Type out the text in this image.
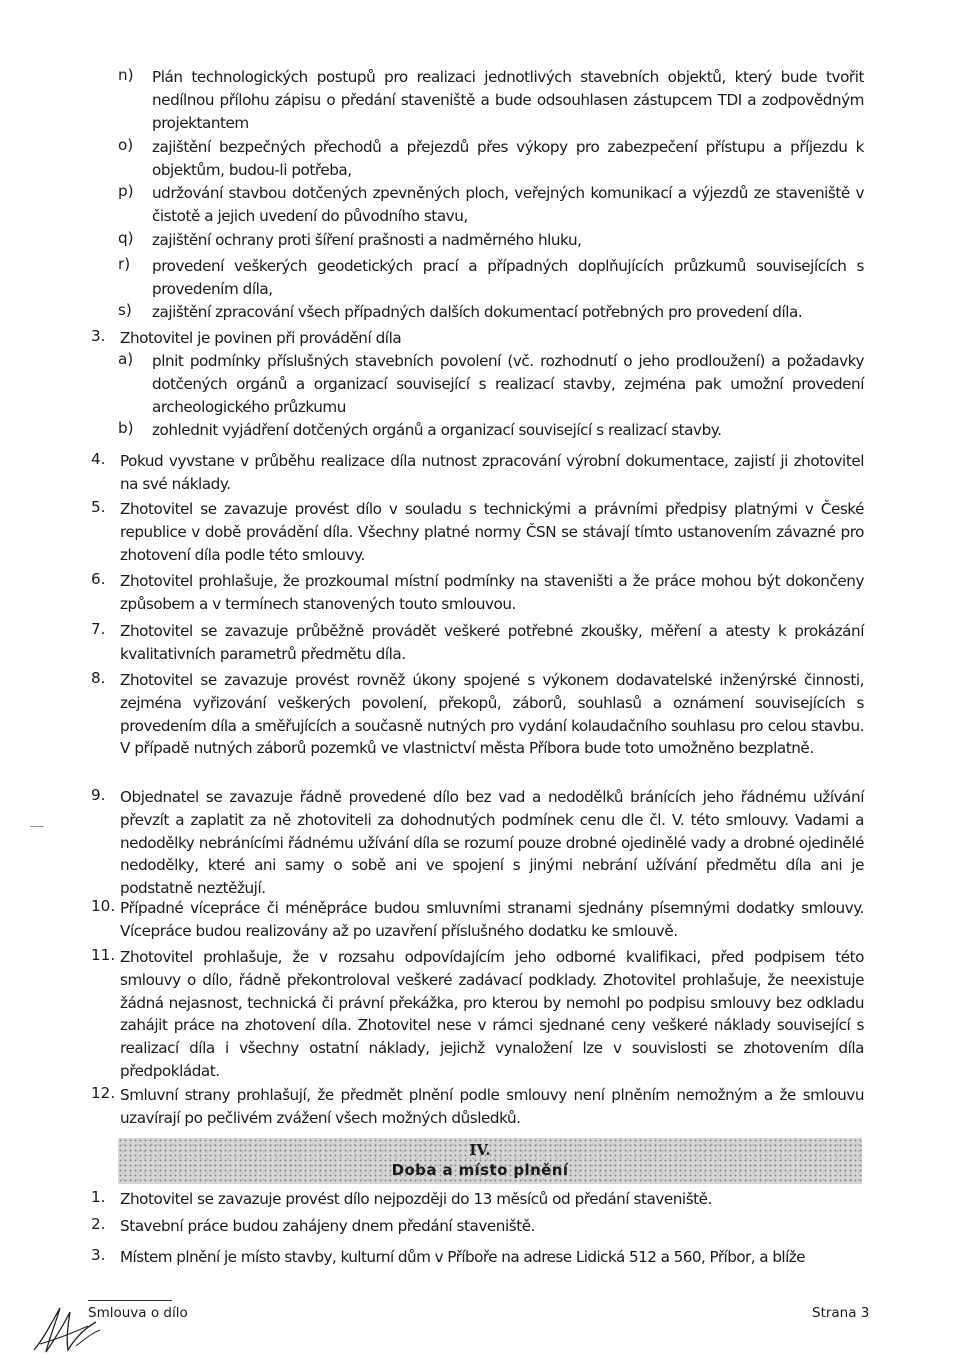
n) Plán technologických postupů pro realizaci jednotlivých stavebních objektů, který bude tvořit nedílnou přílohu zápisu o předání staveniště a bude odsouhlasen zástupcem TDI a zodpovědným projektantem
o) zajištění bezpečných přechodů a přejezdů přes výkopy pro zabezpečení přístupu a příjezdu k objektům, budou-li potřeba,
p) udržování stavbou dotčených zpevněných ploch, veřejných komunikací a výjezdů ze staveniště v čistotě a jejich uvedení do původního stavu,
q) zajištění ochrany proti šíření prašnosti a nadměrného hluku,
r) provedení veškerých geodetických prací a případných doplňujících průzkumů souvisejících s provedením díla,
s) zajištění zpracování všech případných dalších dokumentací potřebných pro provedení díla.
3. Zhotovitel je povinen při provádění díla
a) plnit podmínky příslušných stavebních povolení (vč. rozhodnutí o jeho prodloužení) a požadavky dotčených orgánů a organizací související s realizací stavby, zejména pak umožní provedení archeologického průzkumu
b) zohlednit vyjádření dotčených orgánů a organizací související s realizací stavby.
4. Pokud vyvstane v průběhu realizace díla nutnost zpracování výrobní dokumentace, zajistí ji zhotovitel na své náklady.
5. Zhotovitel se zavazuje provést dílo v souladu s technickými a právními předpisy platnými v České republice v době provádění díla. Všechny platné normy ČSN se stávají tímto ustanovením závazné pro zhotovení díla podle této smlouvy.
6. Zhotovitel prohlašuje, že prozkoumal místní podmínky na staveništi a že práce mohou být dokončeny způsobem a v termínech stanovených touto smlouvou.
7. Zhotovitel se zavazuje průběžně provádět veškeré potřebné zkoušky, měření a atesty k prokázání kvalitativních parametrů předmětu díla.
8. Zhotovitel se zavazuje provést rovněž úkony spojené s výkonem dodavatelské inženýrské činnosti, zejména vyřizování veškerých povolení, překopů, záborů, souhlasů a oznámení souvisejících s provedením díla a směřujících a současně nutných pro vydání kolaudačního souhlasu pro celou stavbu. V případě nutných záborů pozemků ve vlastnictví města Příbora bude toto umožněno bezplatně.
9. Objednatel se zavazuje řádně provedené dílo bez vad a nedodělků bránících jeho řádnému užívání převzít a zaplatit za ně zhotoviteli za dohodnutých podmínek cenu dle čl. V. této smlouvy. Vadami a nedodělky nebránícími řádnému užívání díla se rozumí pouze drobné ojedinělé vady a drobné ojedinělé nedodělky, které ani samy o sobě ani ve spojení s jinými nebrání užívání předmětu díla ani je podstatně neztěžují.
10. Případné vícepráce či méněpráce budou smluvními stranami sjednány písemnými dodatky smlouvy. Vícepráce budou realizovány až po uzavření příslušného dodatku ke smlouvě.
11. Zhotovitel prohlašuje, že v rozsahu odpovídajícím jeho odborné kvalifikaci, před podpisem této smlouvy o dílo, řádně překontroloval veškeré zadávací podklady. Zhotovitel prohlašuje, že neexistuje žádná nejasnost, technická či právní překážka, pro kterou by nemohl po podpisu smlouvy bez odkladu zahájit práce na zhotovení díla. Zhotovitel nese v rámci sjednané ceny veškeré náklady související s realizací díla i všechny ostatní náklady, jejichž vynaložení lze v souvislosti se zhotovením díla předpokládat.
12. Smluvní strany prohlašují, že předmět plnění podle smlouvy není plněním nemožným a že smlouvu uzavírají po pečlivém zvážení všech možných důsledků.
IV.
Doba a místo plnění
1. Zhotovitel se zavazuje provést dílo nejpozději do 13 měsíců od předání staveniště.
2. Stavební práce budou zahájeny dnem předání staveniště.
3. Místem plnění je místo stavby, kulturní dům v Příboře na adrese Lidická 512 a 560, Příbor, a blíže
Smlouva o dílo	Strana 3
